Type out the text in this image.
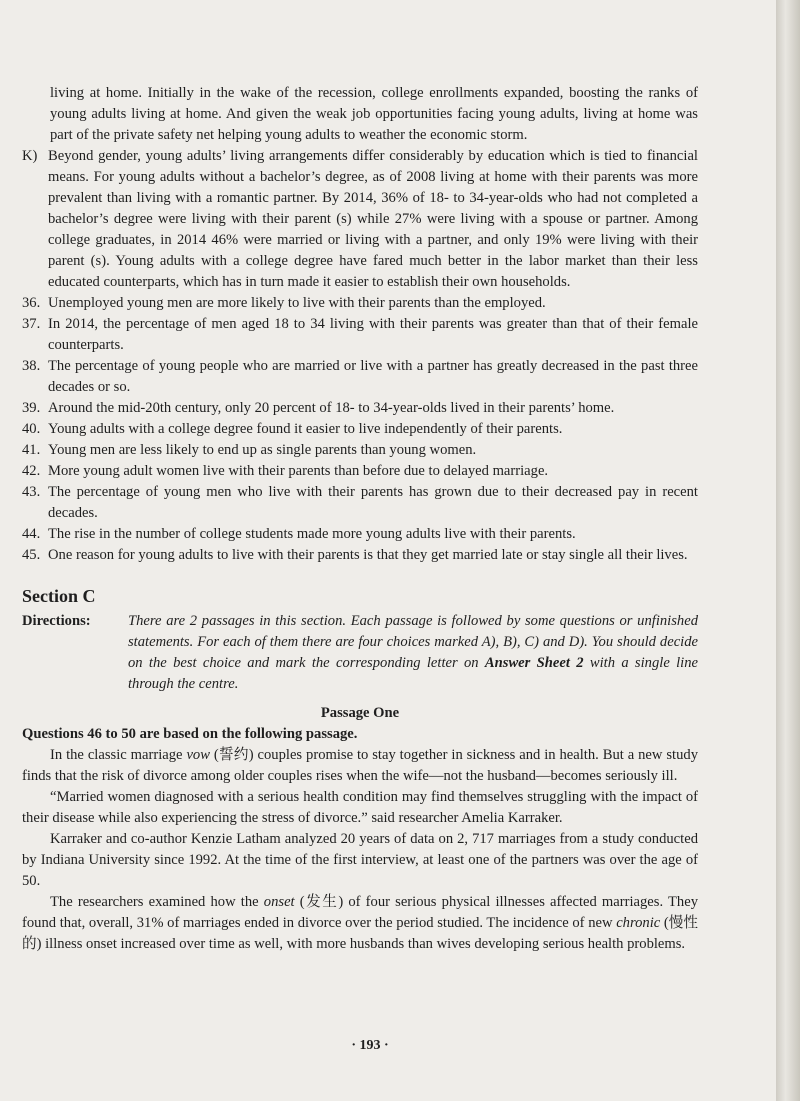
living at home. Initially in the wake of the recession, college enrollments expanded, boosting the ranks of young adults living at home. And given the weak job opportunities facing young adults, living at home was part of the private safety net helping young adults to weather the economic storm.
K) Beyond gender, young adults’ living arrangements differ considerably by education which is tied to financial means. For young adults without a bachelor’s degree, as of 2008 living at home with their parents was more prevalent than living with a romantic partner. By 2014, 36% of 18- to 34-year-olds who had not completed a bachelor’s degree were living with their parent (s) while 27% were living with a spouse or partner. Among college graduates, in 2014 46% were married or living with a partner, and only 19% were living with their parent (s). Young adults with a college degree have fared much better in the labor market than their less educated counterparts, which has in turn made it easier to establish their own households.
36. Unemployed young men are more likely to live with their parents than the employed.
37. In 2014, the percentage of men aged 18 to 34 living with their parents was greater than that of their female counterparts.
38. The percentage of young people who are married or live with a partner has greatly decreased in the past three decades or so.
39. Around the mid-20th century, only 20 percent of 18- to 34-year-olds lived in their parents’ home.
40. Young adults with a college degree found it easier to live independently of their parents.
41. Young men are less likely to end up as single parents than young women.
42. More young adult women live with their parents than before due to delayed marriage.
43. The percentage of young men who live with their parents has grown due to their decreased pay in recent decades.
44. The rise in the number of college students made more young adults live with their parents.
45. One reason for young adults to live with their parents is that they get married late or stay single all their lives.
Section C
Directions:	There are 2 passages in this section. Each passage is followed by some questions or unfinished statements. For each of them there are four choices marked A), B), C) and D). You should decide on the best choice and mark the corresponding letter on Answer Sheet 2 with a single line through the centre.
Passage One
Questions 46 to 50 are based on the following passage.

In the classic marriage vow (誓约) couples promise to stay together in sickness and in health. But a new study finds that the risk of divorce among older couples rises when the wife—not the husband—becomes seriously ill.

“Married women diagnosed with a serious health condition may find themselves struggling with the impact of their disease while also experiencing the stress of divorce.” said researcher Amelia Karraker.

Karraker and co-author Kenzie Latham analyzed 20 years of data on 2, 717 marriages from a study conducted by Indiana University since 1992. At the time of the first interview, at least one of the partners was over the age of 50.

The researchers examined how the onset (发生) of four serious physical illnesses affected marriages. They found that, overall, 31% of marriages ended in divorce over the period studied. The incidence of new chronic (慢性的) illness onset increased over time as well, with more husbands than wives developing serious health problems.

· 193 ·
